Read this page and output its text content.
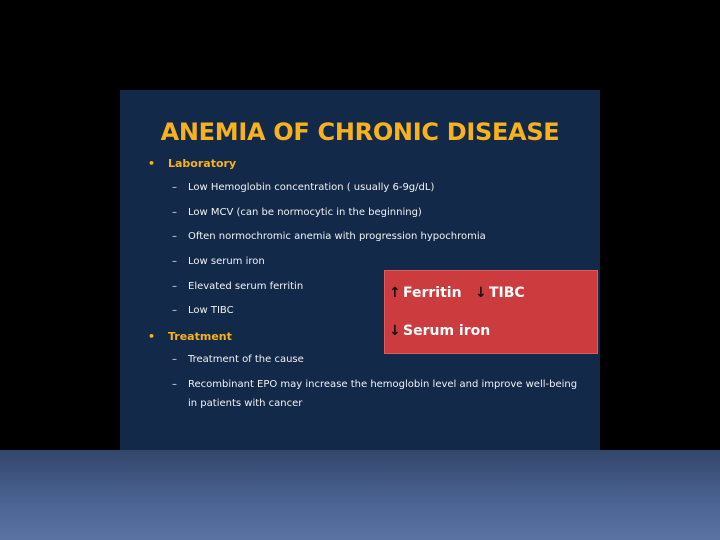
ANEMIA OF CHRONIC DISEASE
• Laboratory
– Low Hemoglobin concentration ( usually 6-9g/dL)
– Low MCV (can be normocytic in the beginning)
– Often normochromic anemia with progression hypochromia
– Low serum iron
– Elevated serum ferritin
– Low TIBC
• Treatment
– Treatment of the cause
– Recombinant EPO may increase the hemoglobin level and improve well-being
in patients with cancer
↑ Ferritin ↓ TIBC
↓ Serum iron
